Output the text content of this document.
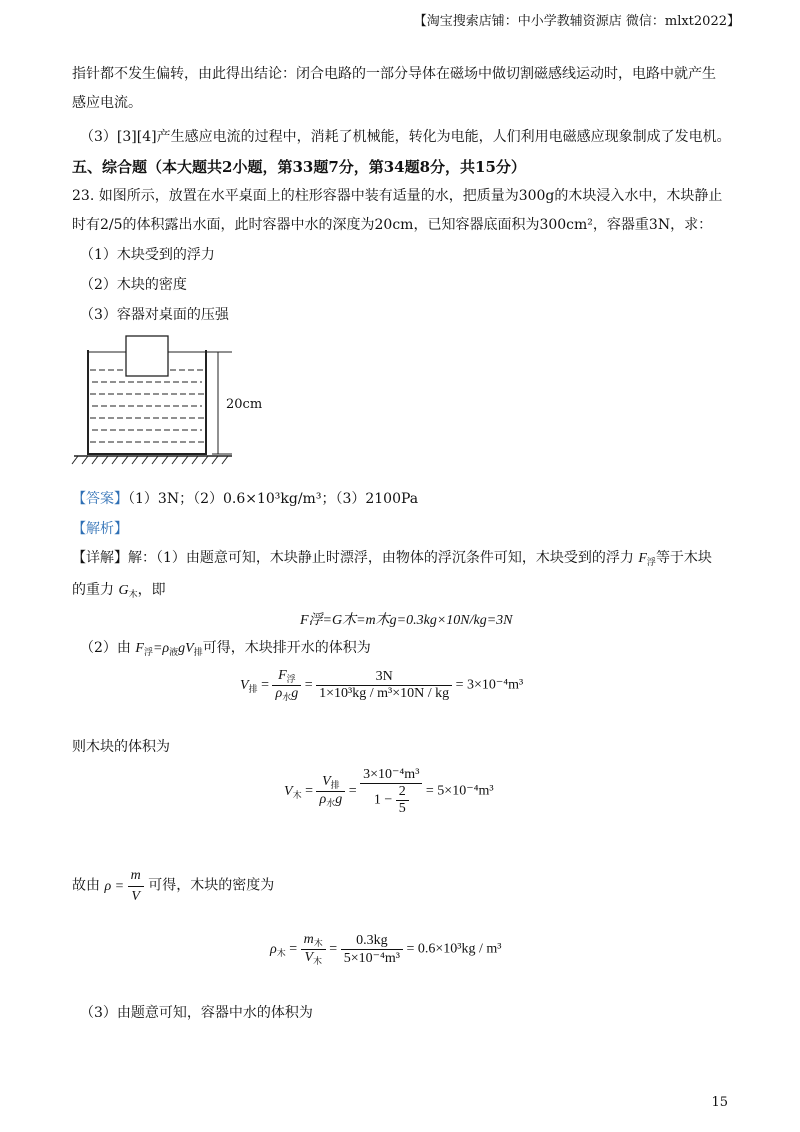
【淘宝搜索店铺：中小学教辅资源店 微信：mlxt2022】
指针都不发生偏转，由此得出结论：闭合电路的一部分导体在磁场中做切割磁感线运动时，电路中就产生
感应电流。
（3）[3][4]产生感应电流的过程中，消耗了机械能，转化为电能，人们利用电磁感应现象制成了发电机。
五、综合题（本大题共2小题，第33题7分，第34题8分，共15分）
23. 如图所示，放置在水平桌面上的柱形容器中装有适量的水，把质量为300g的木块浸入水中，木块静止
时有2/5的体积露出水面，此时容器中水的深度为20cm，已知容器底面积为300cm²，容器重3N，求：
（1）木块受到的浮力
（2）木块的密度
（3）容器对桌面的压强
20cm
【答案】（1）3N；（2）0.6×10³kg/m³；（3）2100Pa
【解析】
【详解】解：（1）由题意可知，木块静止时漂浮，由物体的浮沉条件可知，木块受到的浮力 $F_浮$等于木块
的重力 $G_木$，即
F浮=G木=m木g=0.3kg×10N/kg=3N
（2）由 $F_浮=\rho_液gV_排$可得，木块排开水的体积为
$V_排 = \frac{F_浮}{\rho_水g} = \frac{3N}{\text{1×10³kg / m³×10N / kg}} = 3\times 10^{-4}m^3$
则木块的体积为
$V_木 = \frac{V_排}{\rho_水g} = \frac{\text{3×10⁻⁴m³}}{1 - \frac{2}{5}} = 5\times 10^{-4}m^3$
故由 $\rho = \frac{m}{V}$ 可得，木块的密度为
$\rho_木 = \frac{m_木}{V_木} = \frac{0.3kg}{\text{5×10⁻⁴m³}} = 0.6\times 10^3kg / m^3$
（3）由题意可知，容器中水的体积为
15
